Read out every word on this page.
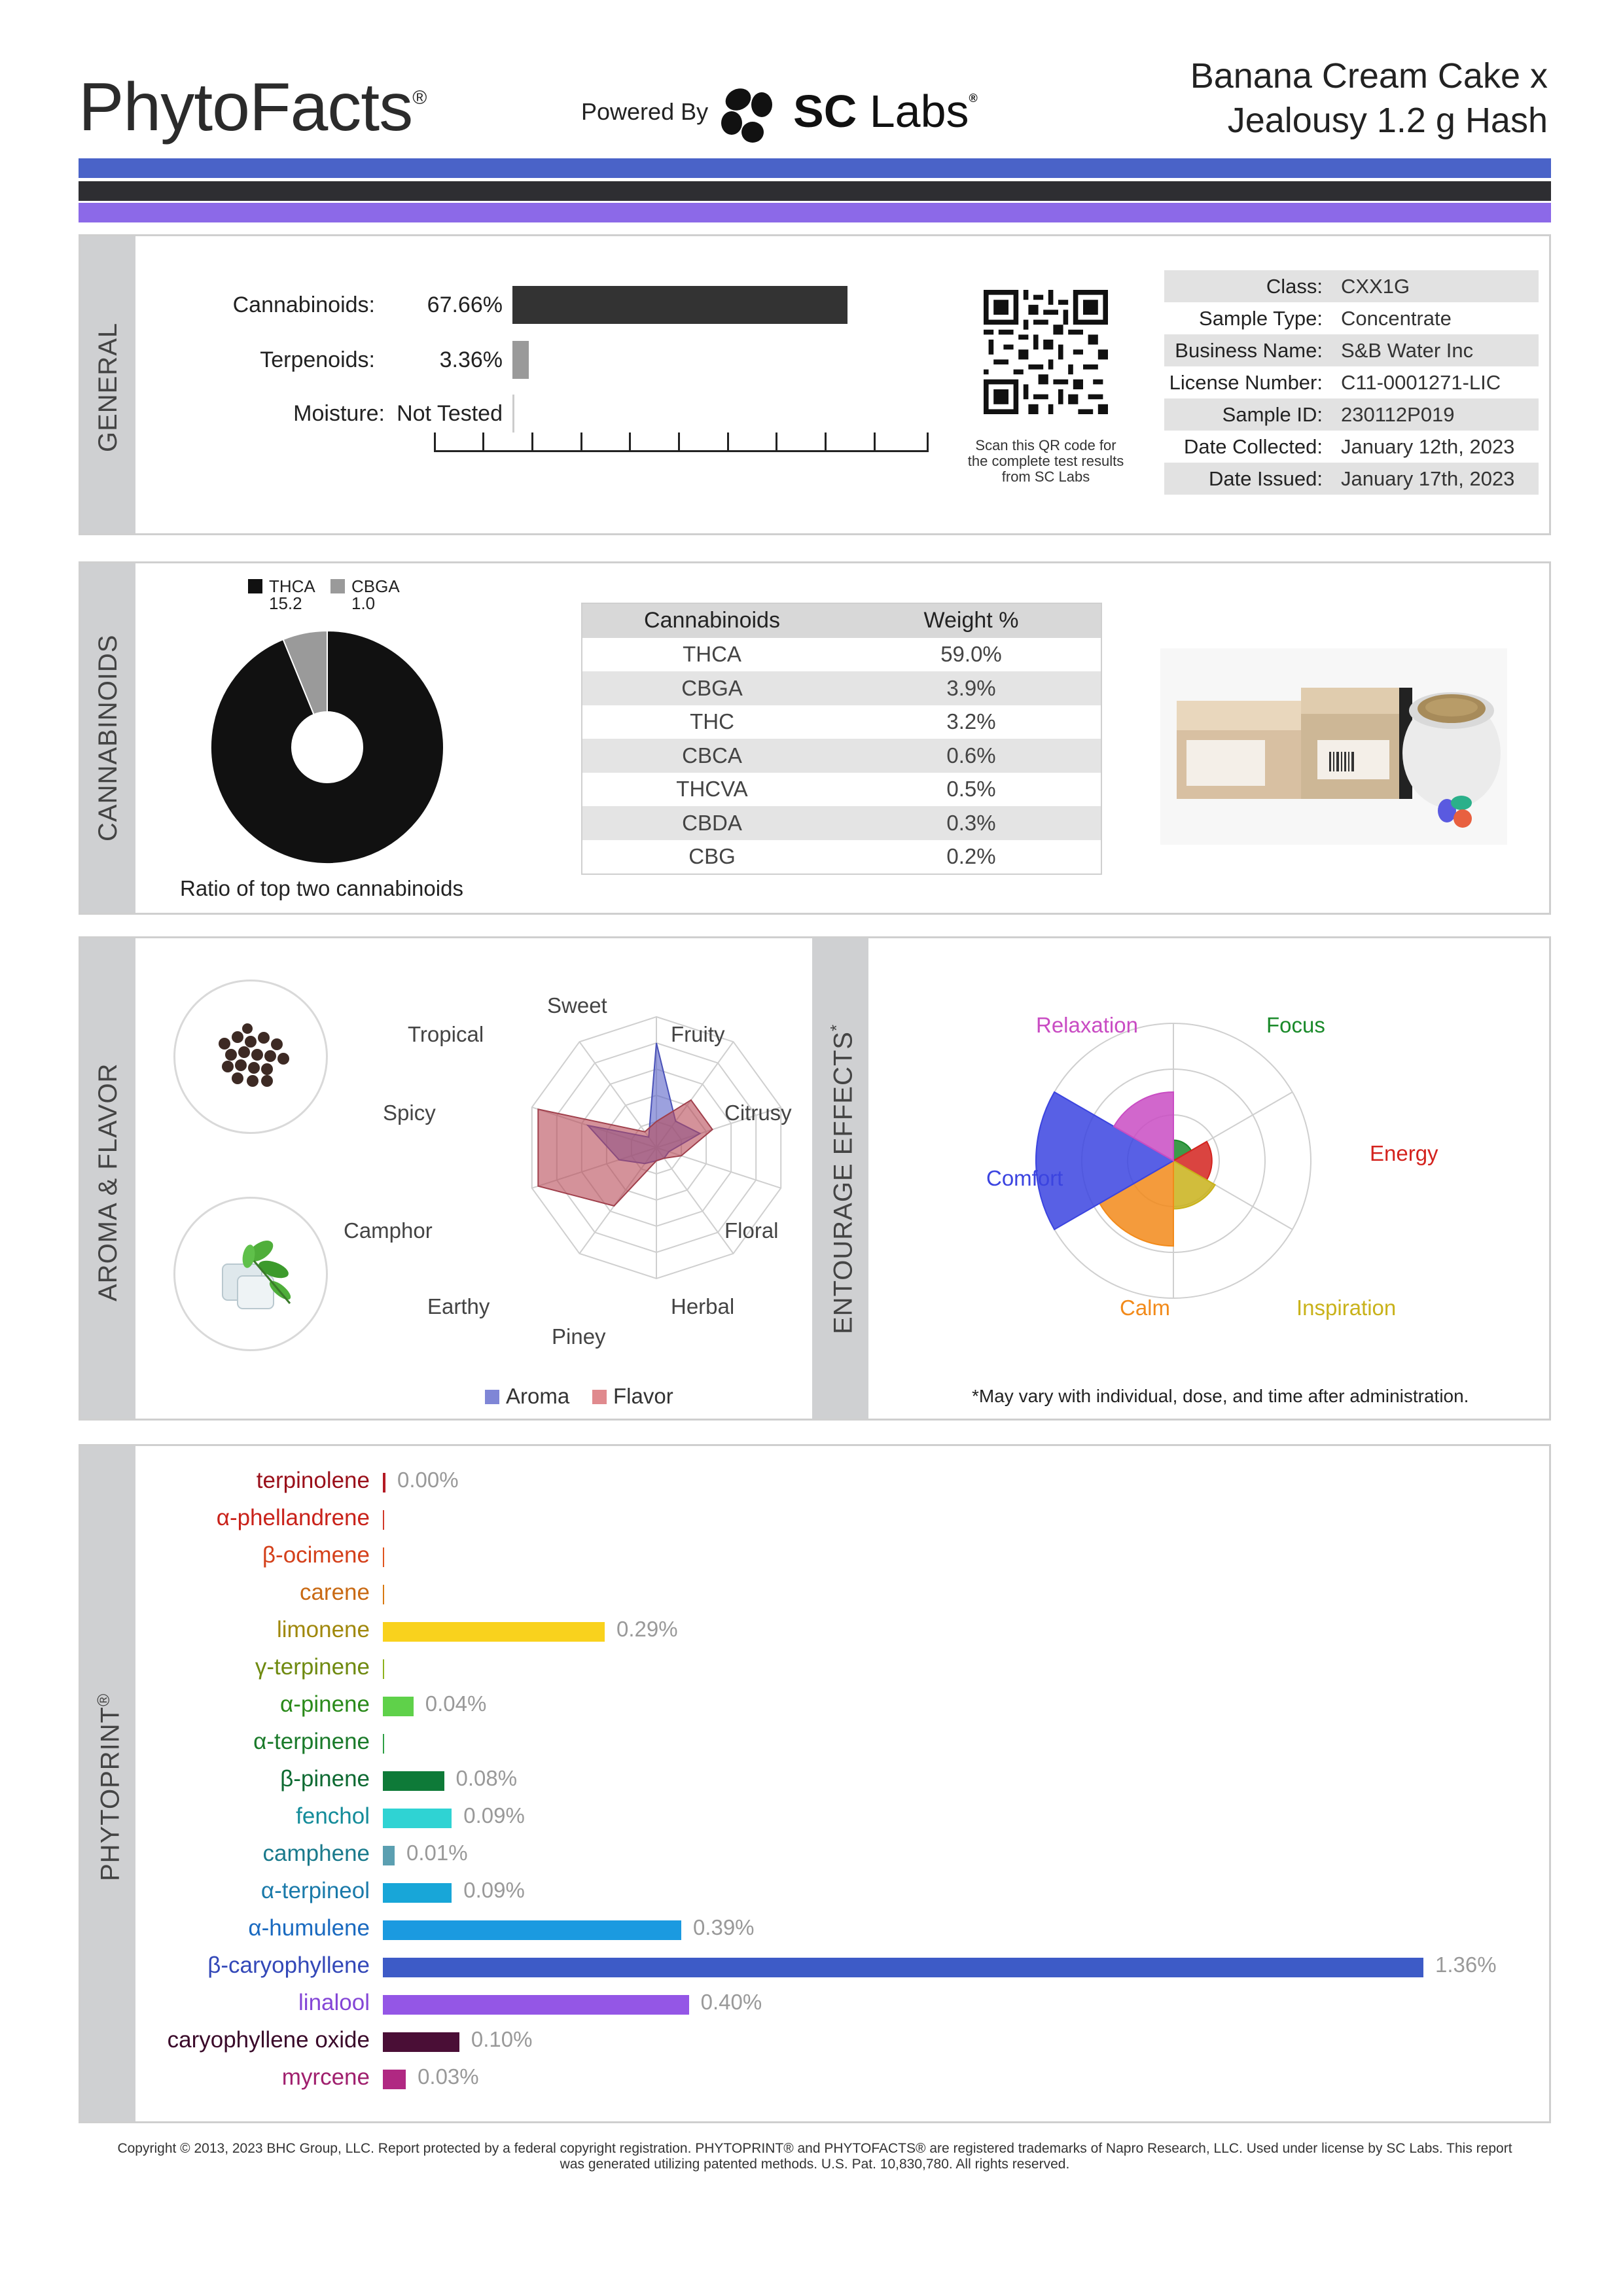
PhytoFacts®
Powered By SC Labs®
Banana Cream Cake x
Jealousy 1.2 g Hash
GENERAL
Cannabinoids:	67.66%
Terpenoids:	3.36%
Moisture: Not Tested
Scan this QR code for the complete test results from SC Labs
Class: CXX1G
Sample Type: Concentrate
Business Name: S&B Water Inc
License Number: C11-0001271-LIC
Sample ID: 230112P019
Date Collected: January 12th, 2023
Date Issued: January 17th, 2023
CANNABINOIDS
THCA
15.2
CBGA
1.0
Ratio of top two cannabinoids
Cannabinoids	Weight %
THCA	59.0%
CBGA	3.9%
THC	3.2%
CBCA	0.6%
THCVA	0.5%
CBDA	0.3%
CBG	0.2%
AROMA & FLAVOR
Sweet
Fruity
Citrusy
Floral
Herbal
Piney
Earthy
Camphor
Spicy
Tropical
Aroma Flavor
ENTOURAGE EFFECTS*	Relaxation	Focus
Energy
Comfort
Calm	Inspiration
*May vary with individual, dose, and time after administration.
PHYTOPRINT®
terpinolene 0.00%
α-phellandrene
β-ocimene
carene
limonene	0.29%
γ-terpinene
α-pinene	0.04%
α-terpinene
β-pinene	0.08%
fenchol	0.09%
camphene 0.01%
α-terpineol	0.09%
α-humulene	0.39%
β-caryophyllene	1.36%
linalool	0.40%
caryophyllene oxide	0.10%
myrcene 0.03%
Copyright © 2013, 2023 BHC Group, LLC. Report protected by a federal copyright registration. PHYTOPRINT® and PHYTOFACTS® are registered trademarks of Napro Research, LLC. Used under license by SC Labs. This report
was generated utilizing patented methods. U.S. Pat. 10,830,780. All rights reserved.
